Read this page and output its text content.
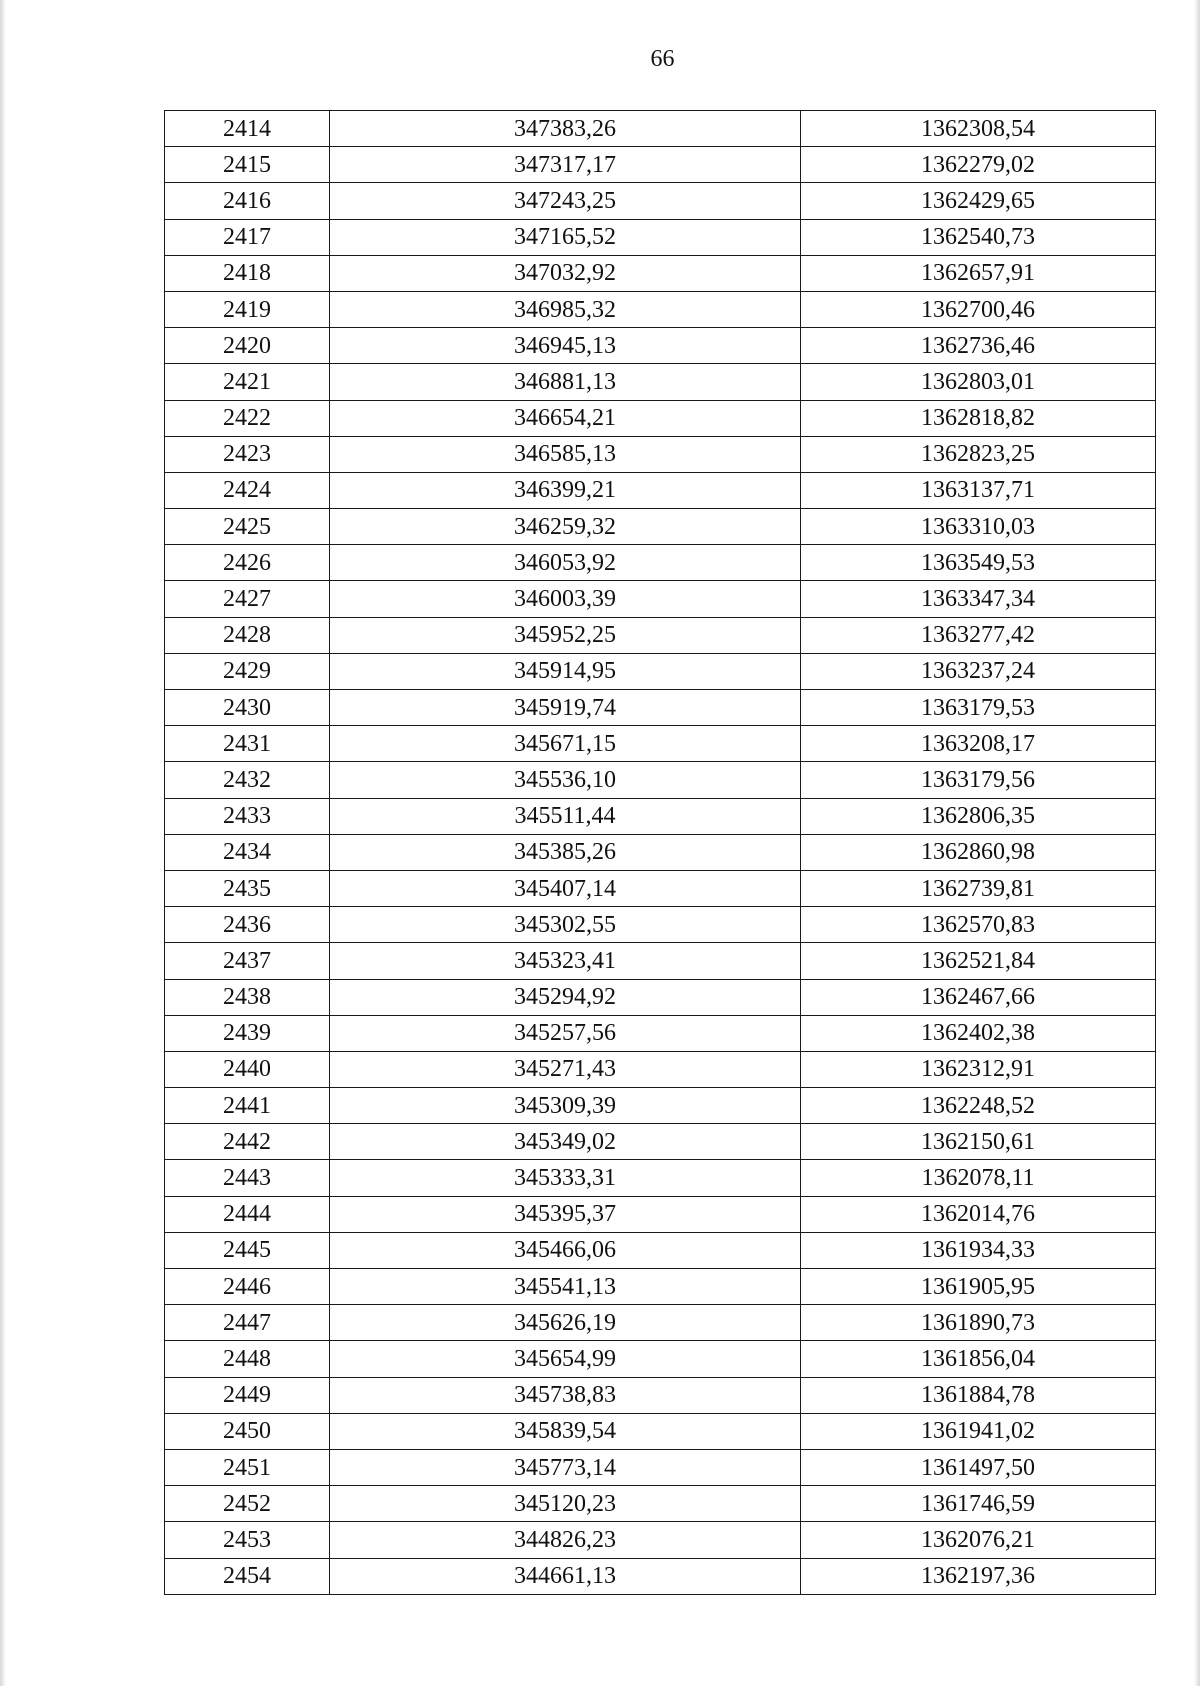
66
2414	347383,26	1362308,54
2415	347317,17	1362279,02
2416	347243,25	1362429,65
2417	347165,52	1362540,73
2418	347032,92	1362657,91
2419	346985,32	1362700,46
2420	346945,13	1362736,46
2421	346881,13	1362803,01
2422	346654,21	1362818,82
2423	346585,13	1362823,25
2424	346399,21	1363137,71
2425	346259,32	1363310,03
2426	346053,92	1363549,53
2427	346003,39	1363347,34
2428	345952,25	1363277,42
2429	345914,95	1363237,24
2430	345919,74	1363179,53
2431	345671,15	1363208,17
2432	345536,10	1363179,56
2433	345511,44	1362806,35
2434	345385,26	1362860,98
2435	345407,14	1362739,81
2436	345302,55	1362570,83
2437	345323,41	1362521,84
2438	345294,92	1362467,66
2439	345257,56	1362402,38
2440	345271,43	1362312,91
2441	345309,39	1362248,52
2442	345349,02	1362150,61
2443	345333,31	1362078,11
2444	345395,37	1362014,76
2445	345466,06	1361934,33
2446	345541,13	1361905,95
2447	345626,19	1361890,73
2448	345654,99	1361856,04
2449	345738,83	1361884,78
2450	345839,54	1361941,02
2451	345773,14	1361497,50
2452	345120,23	1361746,59
2453	344826,23	1362076,21
2454	344661,13	1362197,36
